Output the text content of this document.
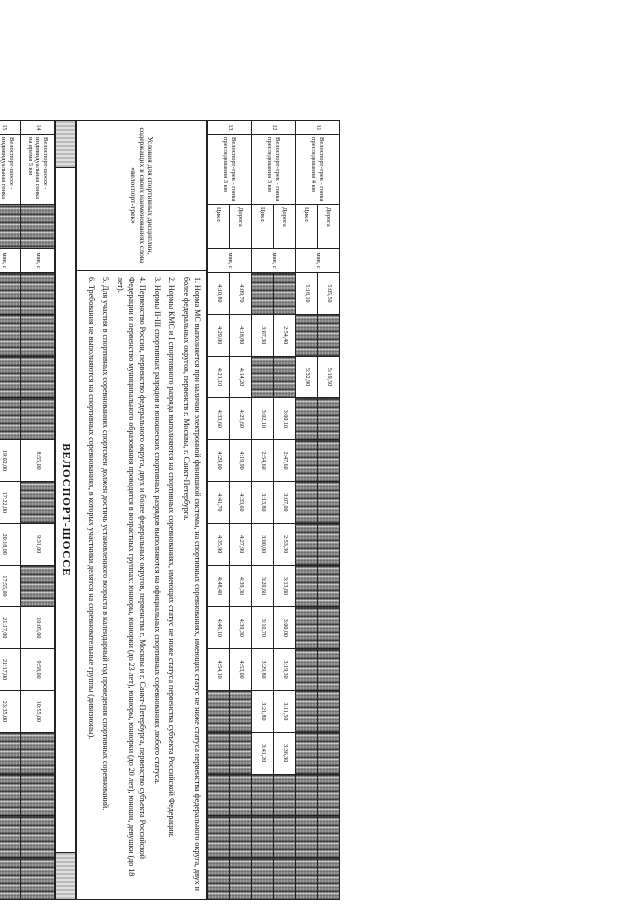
11	Велоспорт-трек - гонка преследования 4 км	Дорога	мин, с	5:05,50		5:19,50												
		Цикл		5:18,10		5:32,90												
12	Велоспорт-трек - гонка преследования 3 км	Дорога	мин, с		2:54,40		3:00,10	2:47,60	3:07,00	2:53,30	3:13,80	3:00,00	3:19,30	3:11,50	3:36,30			
		Цикл			3:07,30		3:02,10	2:54,60	3:13,80	3:00,00	3:20,60	3:10,70	3:29,80	3:21,80	3:41,20			
13	Велоспорт-трек - гонка преследования 3 км	Дорога	мин, с	4:09,70	4:18,80	4:14,20	4:25,60	4:19,90	4:33,60	4:27,90	4:39,30	4:39,30	4:53,00					
		Цикл		4:10,80	4:29,00	4:21,10	4:33,60	4:29,00	4:41,70	4:35,90	4:48,40	4:46,10	4:54,10					
Условия для спортивных дисциплин, содержащих в своих наименованиях слова «велоспорт-трек»	

1. Норма МС выполняется при наличии электронной финишной системы, на спортивных соревнованиях, имеющих статус не ниже статуса первенства федерального округа, двух и более федеральных округов, первенств г. Москвы, г. Санкт-Петербурга.

2. Нормы КМС и I спортивного разряда выполняются на спортивных соревнованиях, имеющих статус не ниже статуса первенства субъекта Российской Федерации.

3. Нормы II-III спортивных разрядов и юношеских спортивных разрядов выполняются на официальных спортивных соревнованиях любого статуса.

4. Первенство России, первенство федерального округа, двух и более федеральных округов, первенства г. Москвы и г. Санкт-Петербурга, первенство субъекта Российской Федерации и первенство муниципального образования проводятся в возрастных группах: юниоры, юниорки (до 23 лет), юниоры, юниорки (до 20 лет), юноши, девушки (до 18 лет).

5. Для участия в спортивных соревнованиях спортсмен должен достичь установленного возраста в календарный год проведения спортивных соревнований.

6. Требования не выполняются на спортивных соревнованиях, в которых участники делятся на соревновательные группы (дивизионы).

	ВЕЛОСПОРТ-ШОССЕ	
14	Велоспорт-шоссе - индивидуальная гонка на время 5 км		мин, с					8:55,00		9:31,00		10:05,00	9:58,00	10:55,00				
15	Велоспорт-шоссе - индивидуальная гонка		мин, с					19:02,00	17:22,00	20:18,00	17:55,00	21:17,00	21:17,00	23:35,00				
